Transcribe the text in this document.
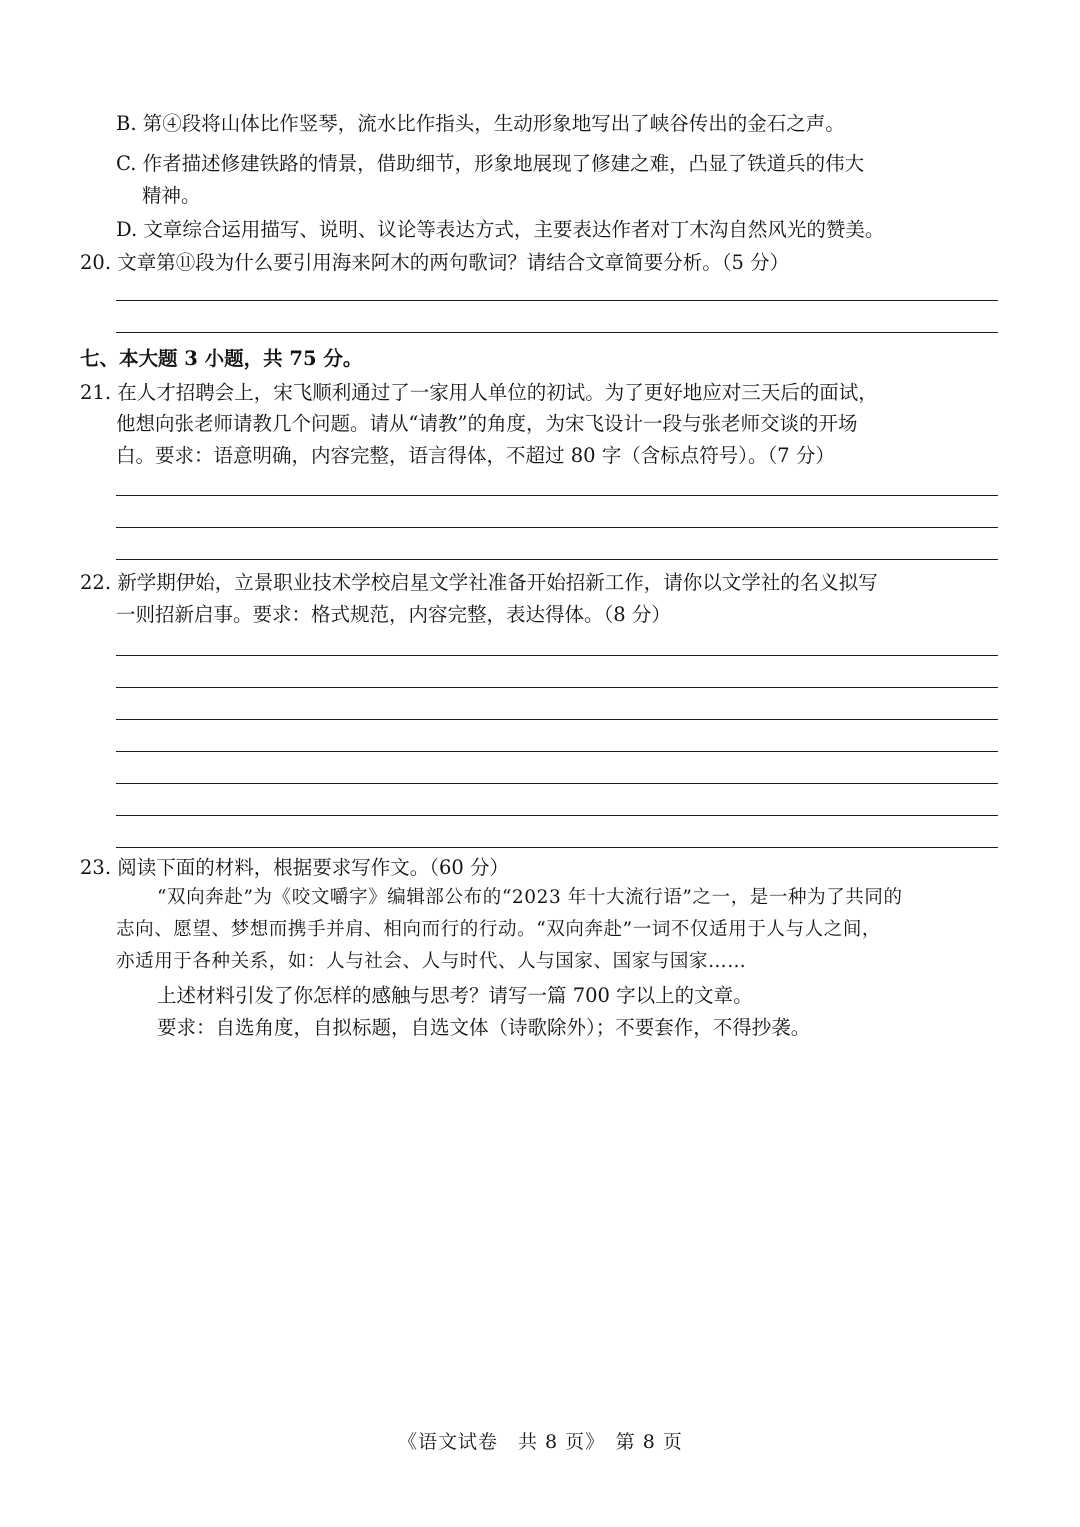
B. 第④段将山体比作竖琴，流水比作指头，生动形象地写出了峡谷传出的金石之声。
C. 作者描述修建铁路的情景，借助细节，形象地展现了修建之难，凸显了铁道兵的伟大
精神。
D. 文章综合运用描写、说明、议论等表达方式，主要表达作者对丁木沟自然风光的赞美。
20. 文章第⑪段为什么要引用海来阿木的两句歌词？请结合文章简要分析。（5 分）
七、本大题 3 小题，共 75 分。
21. 在人才招聘会上，宋飞顺利通过了一家用人单位的初试。为了更好地应对三天后的面试，
他想向张老师请教几个问题。请从“请教”的角度，为宋飞设计一段与张老师交谈的开场
白。要求：语意明确，内容完整，语言得体，不超过 80 字（含标点符号）。（7 分）
22. 新学期伊始，立景职业技术学校启星文学社准备开始招新工作，请你以文学社的名义拟写
一则招新启事。要求：格式规范，内容完整，表达得体。（8 分）
23. 阅读下面的材料，根据要求写作文。（60 分）
“双向奔赴”为《咬文嚼字》编辑部公布的“2023 年十大流行语”之一，是一种为了共同的
志向、愿望、梦想而携手并肩、相向而行的行动。“双向奔赴”一词不仅适用于人与人之间，
亦适用于各种关系，如：人与社会、人与时代、人与国家、国家与国家……
上述材料引发了你怎样的感触与思考？请写一篇 700 字以上的文章。
要求：自选角度，自拟标题，自选文体（诗歌除外）；不要套作，不得抄袭。
《语文试卷　共 8 页》　第 8 页
